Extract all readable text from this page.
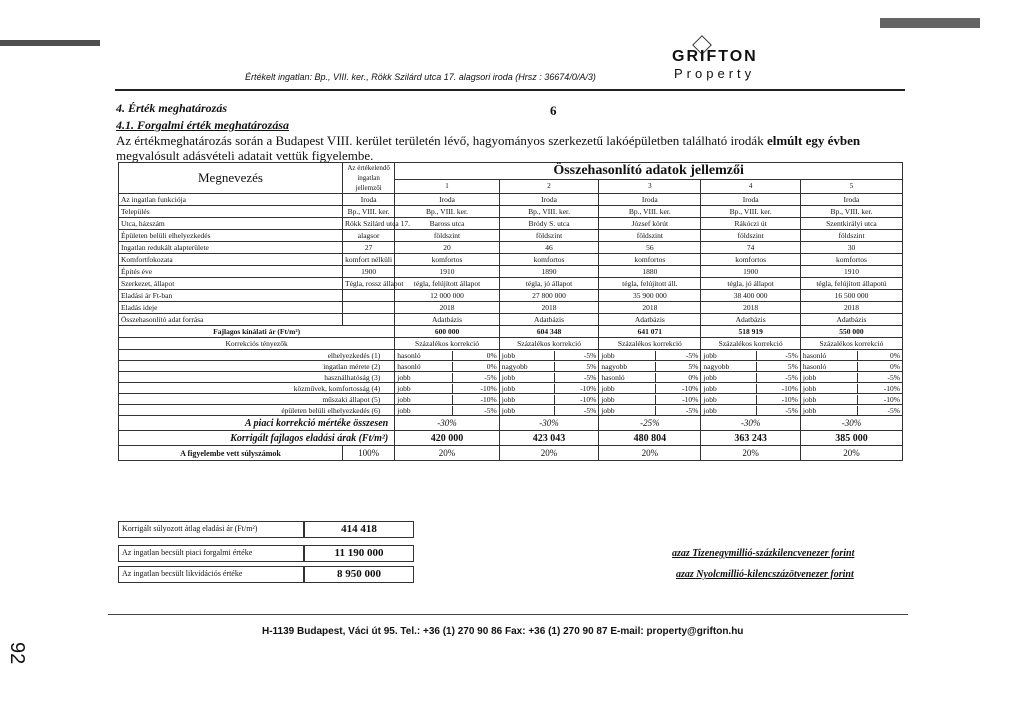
Értékelt ingatlan: Bp., VIII. ker., Rökk Szilárd utca 17. alagsori iroda (Hrsz : 36674/0/A/3)
GRIFTON
Property
4. Érték meghatározás	6
4.1. Forgalmi érték meghatározása
Az értékmeghatározás során a Budapest VIII. kerület területén lévő, hagyományos szerkezetű lakóépületben található irodák elmúlt egy évben megvalósult adásvételi adatait vettük figyelembe.
Megnevezés	Az értékelendő ingatlan jellemzői	Összehasonlító adatok jellemzői				
		1	2	3	4	5
Az ingatlan funkciója	Iroda	Iroda	Iroda	Iroda	Iroda	Iroda
Település	Bp., VIII. ker.	Bp., VIII. ker.	Bp., VIII. ker.	Bp., VIII. ker.	Bp., VIII. ker.	Bp., VIII. ker.
Utca, házszám	Rökk Szilárd utca 17.	Baross utca	Bródy S. utca	József körút	Rákóczi út	Szentkirályi utca
Épületen belüli elhelyezkedés	alagsor	földszint	földszint	földszint	földszint	földszint
Ingatlan redukált alapterülete	27	20	46	56	74	30
Komfortfokozata	komfort nélküli	komfortos	komfortos	komfortos	komfortos	komfortos
Építés éve	1900	1910	1890	1880	1900	1910
Szerkezet, állapot	Tégla, rossz állapot	tégla, felújított állapot	tégla, jó állapot	tégla, felújított áll.	tégla, jó állapot	tégla, felújított állapotú
Eladási ár Ft-ban		12 000 000	27 800 000	35 900 000	38 400 000	16 500 000
Eladás ideje		2018	2018	2018	2018	2018
Összehasonlító adat forrása		Adatbázis	Adatbázis	Adatbázis	Adatbázis	Adatbázis
Fajlagos kínálati ár (Ft/m²)		600 000	604 348	641 071	518 919	550 000
Korrekciós tényezők		Százalékos korrekció	Százalékos korrekció	Százalékos korrekció	Százalékos korrekció	Százalékos korrekció
elhelyezkedés (1)		hasonló 0%	jobb -5%	jobb -5%	jobb -5%	hasonló 0%

ingatlan mérete (2)		hasonló 0%	nagyobb 5%	nagyobb 5%	nagyobb 5%	hasonló 0%

használhatóság (3)		jobb -5%	jobb -5%	hasonló 0%	jobb -5%	jobb -5%

közművek, komfortosság (4)		jobb -10%	jobb -10%	jobb -10%	jobb -10%	jobb -10%

műszaki állapot (5)		jobb -10%	jobb -10%	jobb -10%	jobb -10%	jobb -10%

épületen belüli elhelyezkedés (6)		jobb -5%	jobb -5%	jobb -5%	jobb -5%	jobb -5%

A piaci korrekció mértéke összesen		-30%	-30%	-25%	-30%	-30%
Korrigált fajlagos eladási árak (Ft/m²)		420 000	423 043	480 804	363 243	385 000
A figyelembe vett súlyszámok	100%	20%	20%	20%	20%	20%
Korrigált súlyozott átlag eladási ár (Ft/m²)	414 418
Az ingatlan becsült piaci forgalmi értéke	11 190 000	azaz Tizenegymillió-százkilencvenezer forint
Az ingatlan becsült likvidációs értéke	8 950 000	azaz Nyolcmillió-kilencszázötvenezer forint
H-1139 Budapest, Váci út 95. Tel.: +36 (1) 270 90 86 Fax: +36 (1) 270 90 87 E-mail: property@grifton.hu
92
